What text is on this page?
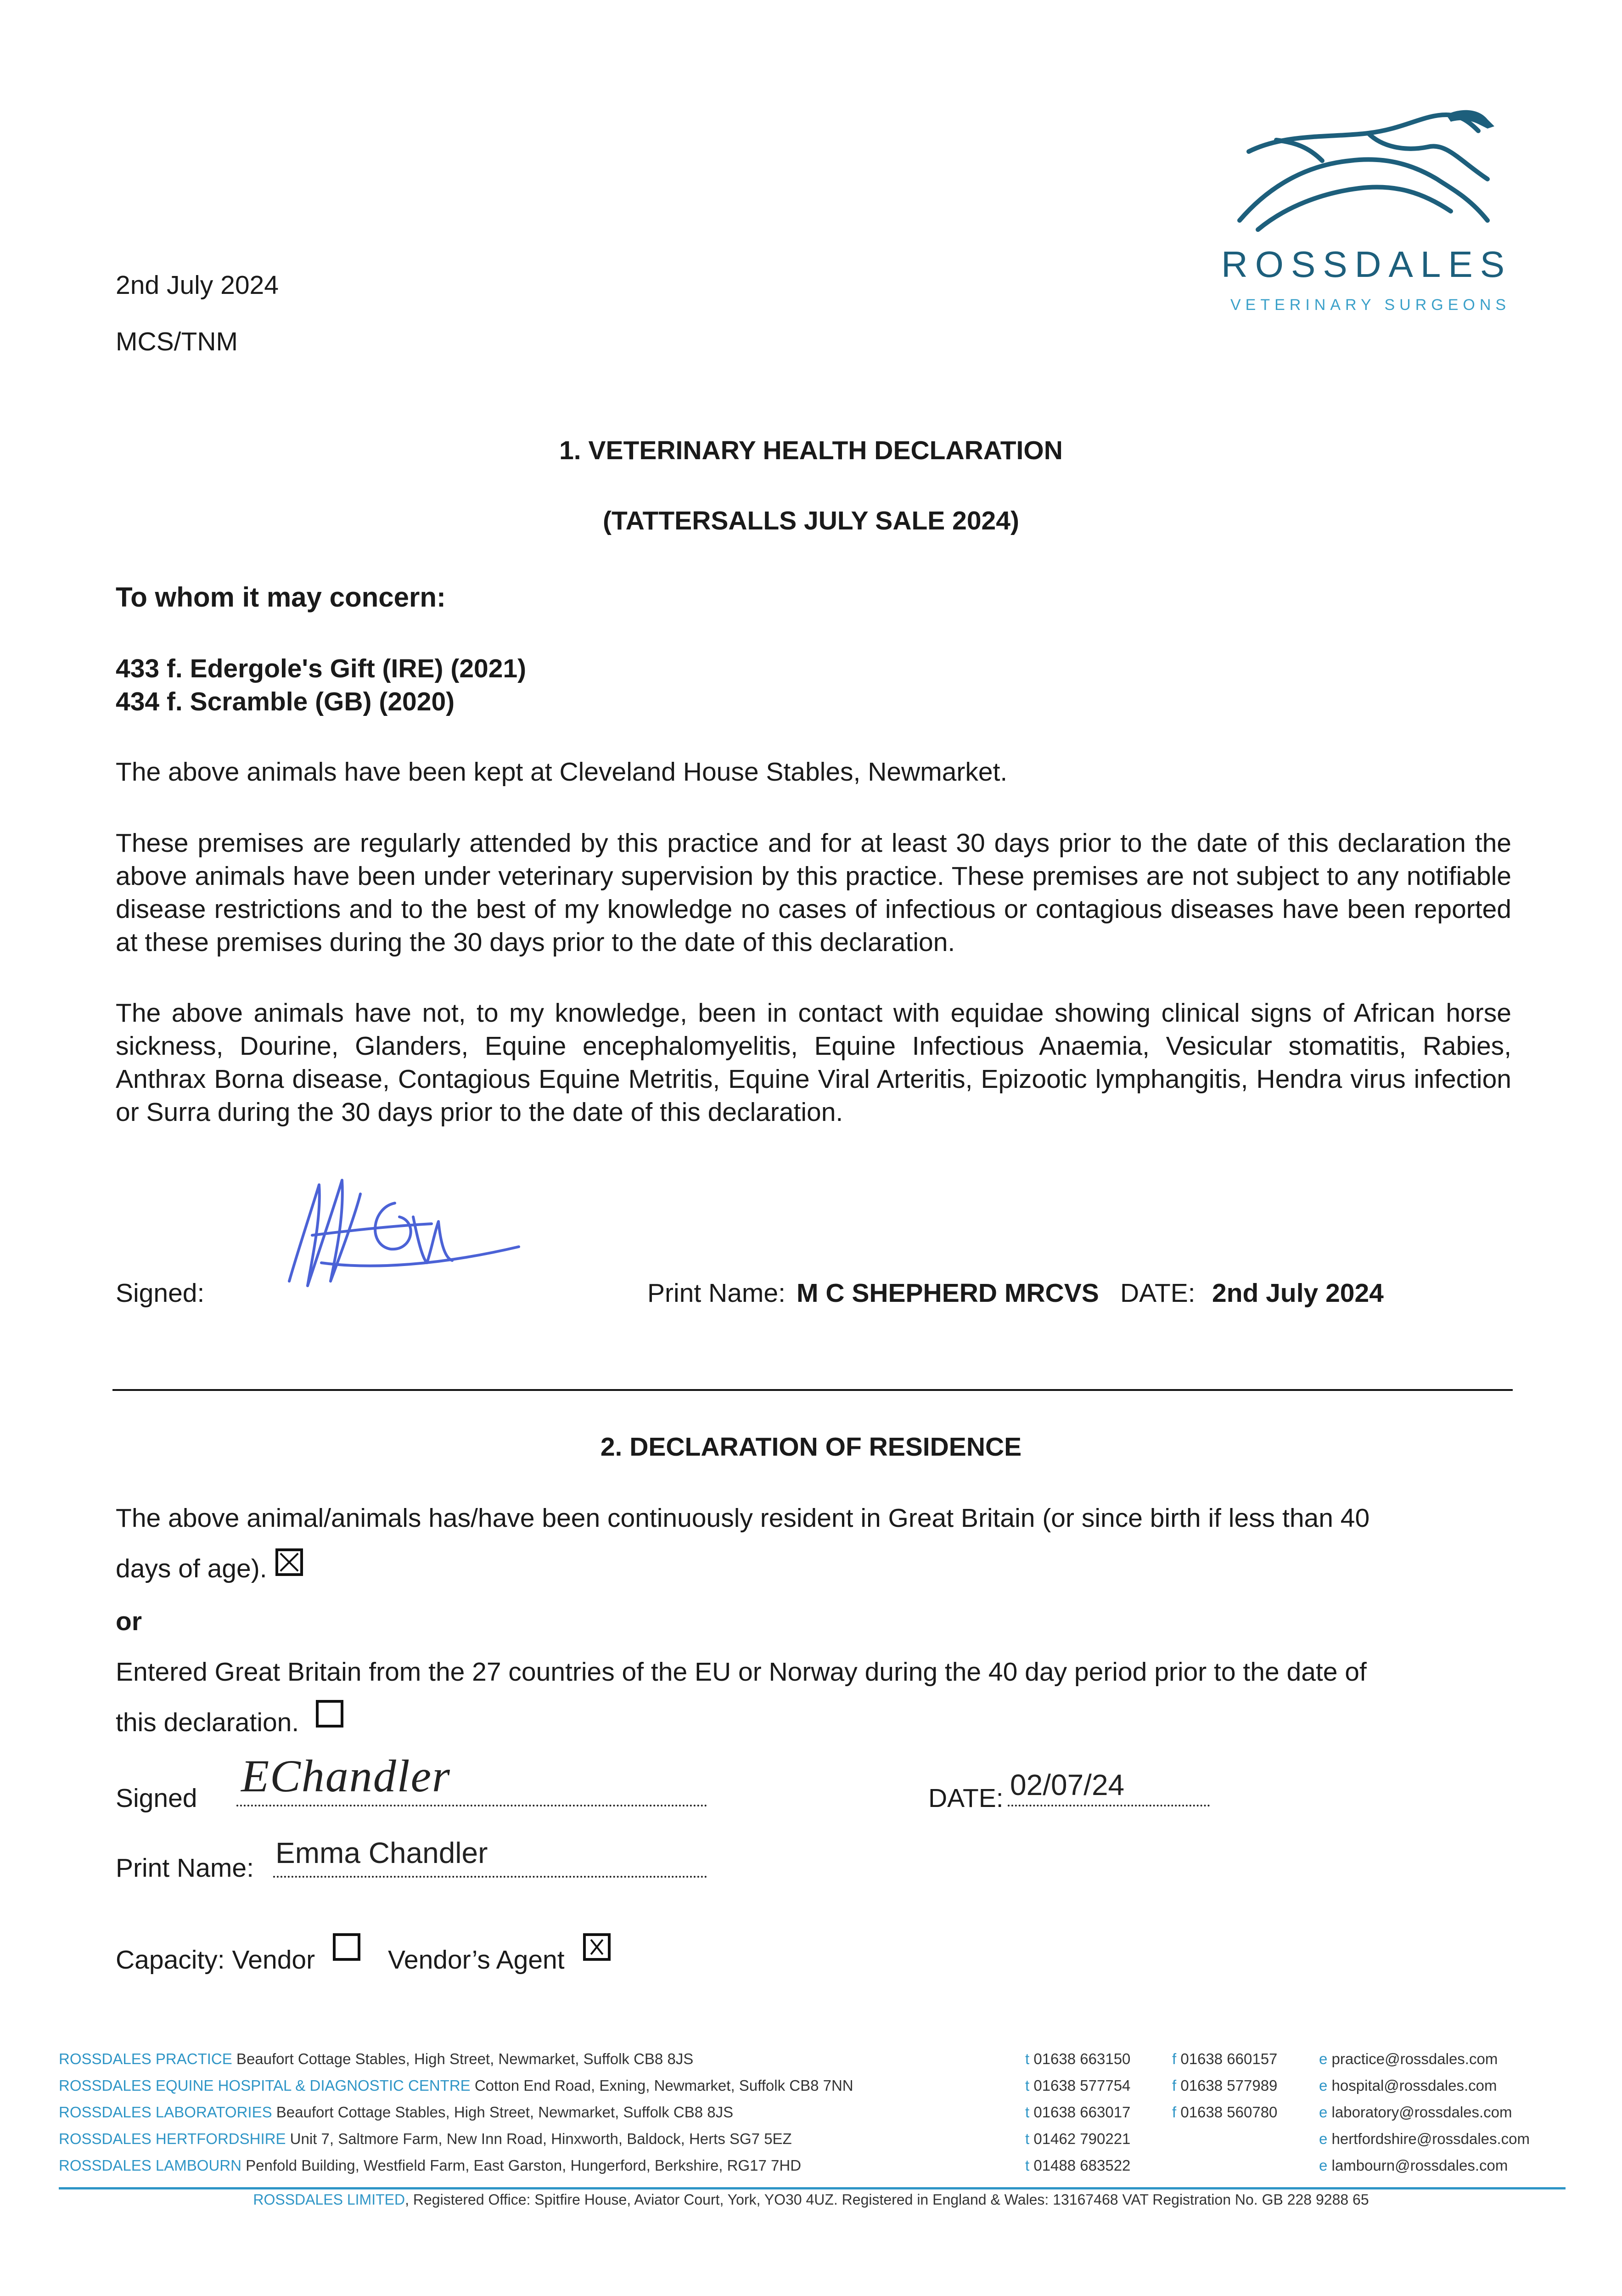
ROSSDALES
VETERINARY SURGEONS
2nd July 2024
MCS/TNM
1. VETERINARY HEALTH DECLARATION
(TATTERSALLS JULY SALE 2024)
To whom it may concern:
433 f. Edergole's Gift (IRE) (2021)
434 f. Scramble (GB) (2020)
The above animals have been kept at Cleveland House Stables, Newmarket.
These premises are regularly attended by this practice and for at least 30 days prior to the date of this declaration the above animals have been under veterinary supervision by this practice. These premises are not subject to any notifiable disease restrictions and to the best of my knowledge no cases of infectious or contagious diseases have been reported at these premises during the 30 days prior to the date of this declaration.
The above animals have not, to my knowledge, been in contact with equidae showing clinical signs of African horse sickness, Dourine, Glanders, Equine encephalomyelitis, Equine Infectious Anaemia, Vesicular stomatitis, Rabies, Anthrax Borna disease, Contagious Equine Metritis, Equine Viral Arteritis, Epizootic lymphangitis, Hendra virus infection or Surra during the 30 days prior to the date of this declaration.
Signed:	Print Name: M C SHEPHERD MRCVS DATE: 2nd July 2024
2. DECLARATION OF RESIDENCE
The above animal/animals has/have been continuously resident in Great Britain (or since birth if less than 40
days of age).
or
Entered Great Britain from the 27 countries of the EU or Norway during the 40 day period prior to the date of
this declaration.
Signed EChandler	DATE: 02/07/24
Print Name: Emma Chandler
Capacity: Vendor	Vendor’s Agent
ROSSDALES PRACTICE Beaufort Cottage Stables, High Street, Newmarket, Suffolk CB8 8JS	t 01638 663150	f 01638 660157	e practice@rossdales.com
ROSSDALES EQUINE HOSPITAL & DIAGNOSTIC CENTRE Cotton End Road, Exning, Newmarket, Suffolk CB8 7NN	t 01638 577754	f 01638 577989	e hospital@rossdales.com
ROSSDALES LABORATORIES Beaufort Cottage Stables, High Street, Newmarket, Suffolk CB8 8JS	t 01638 663017	f 01638 560780	e laboratory@rossdales.com
ROSSDALES HERTFORDSHIRE Unit 7, Saltmore Farm, New Inn Road, Hinxworth, Baldock, Herts SG7 5EZ	t 01462 790221	e hertfordshire@rossdales.com
ROSSDALES LAMBOURN Penfold Building, Westfield Farm, East Garston, Hungerford, Berkshire, RG17 7HD	t 01488 683522	e lambourn@rossdales.com
ROSSDALES LIMITED, Registered Office: Spitfire House, Aviator Court, York, YO30 4UZ. Registered in England & Wales: 13167468 VAT Registration No. GB 228 9288 65
